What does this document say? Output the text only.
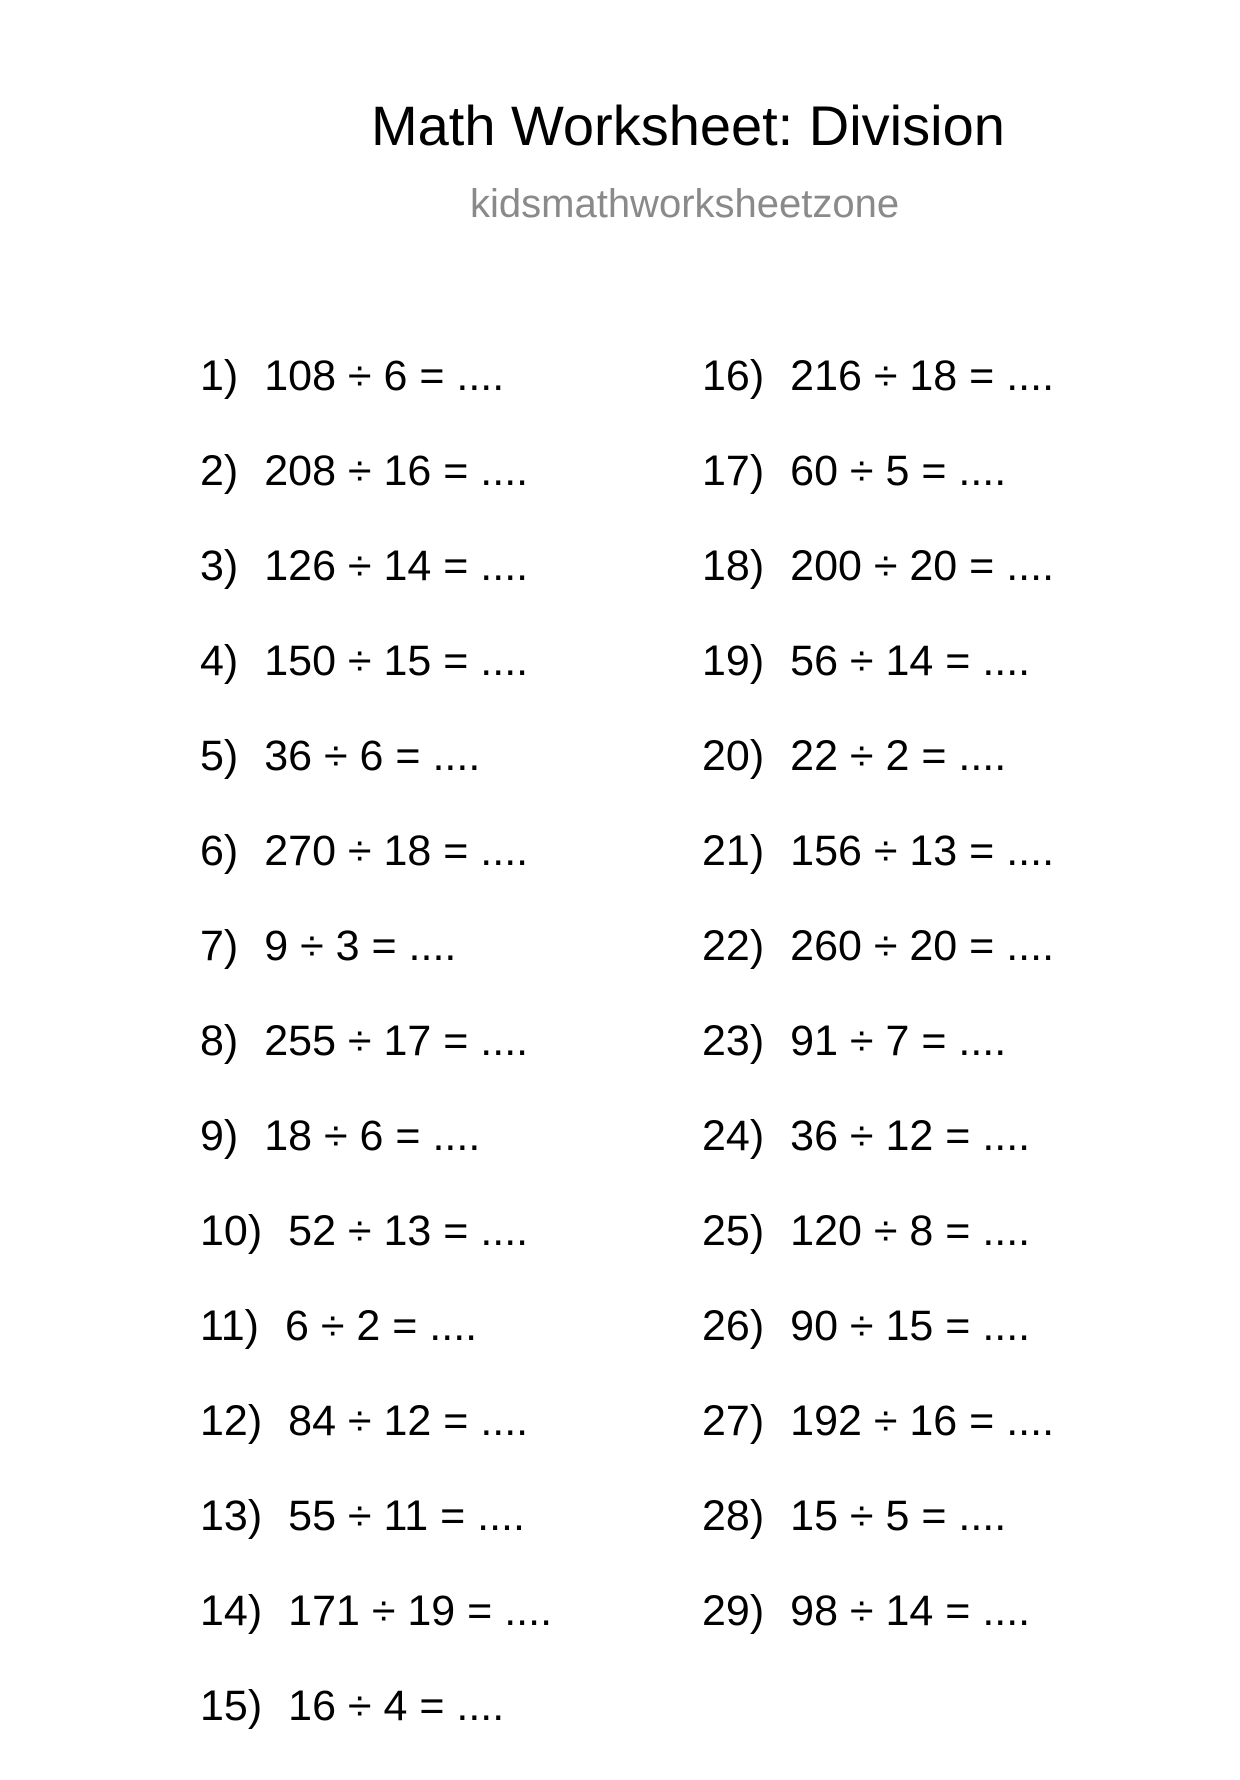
Math Worksheet: Division
kidsmathworksheetzone
1) 108 ÷ 6 = ....
2) 208 ÷ 16 = ....
3) 126 ÷ 14 = ....
4) 150 ÷ 15 = ....
5) 36 ÷ 6 = ....
6) 270 ÷ 18 = ....
7) 9 ÷ 3 = ....
8) 255 ÷ 17 = ....
9) 18 ÷ 6 = ....
10) 52 ÷ 13 = ....
11) 6 ÷ 2 = ....
12) 84 ÷ 12 = ....
13) 55 ÷ 11 = ....
14) 171 ÷ 19 = ....
15) 16 ÷ 4 = ....
16) 216 ÷ 18 = ....
17) 60 ÷ 5 = ....
18) 200 ÷ 20 = ....
19) 56 ÷ 14 = ....
20) 22 ÷ 2 = ....
21) 156 ÷ 13 = ....
22) 260 ÷ 20 = ....
23) 91 ÷ 7 = ....
24) 36 ÷ 12 = ....
25) 120 ÷ 8 = ....
26) 90 ÷ 15 = ....
27) 192 ÷ 16 = ....
28) 15 ÷ 5 = ....
29) 98 ÷ 14 = ....
